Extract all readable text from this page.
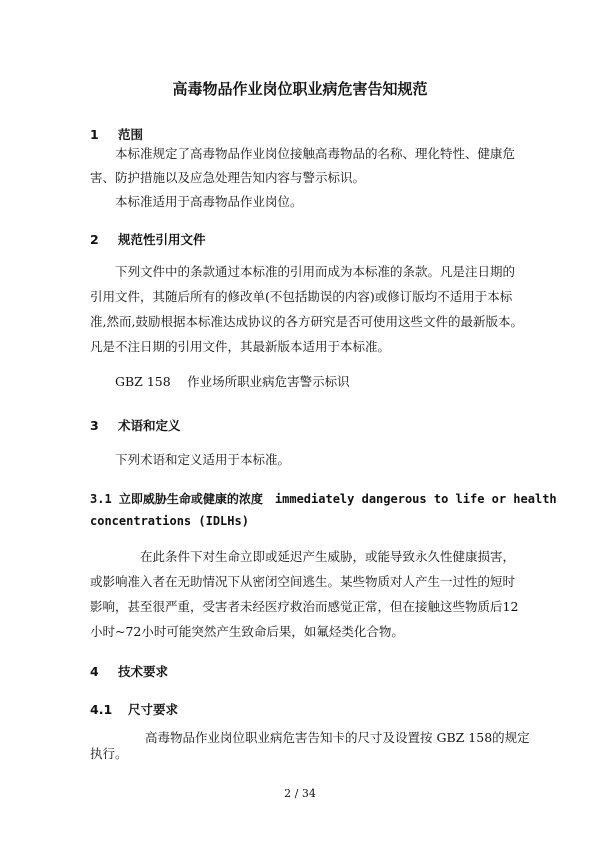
高毒物品作业岗位职业病危害告知规范
1 范围
本标准规定了高毒物品作业岗位接触高毒物品的名称、理化特性、健康危
害、防护措施以及应急处理告知内容与警示标识。
本标准适用于高毒物品作业岗位。
2 规范性引用文件
下列文件中的条款通过本标准的引用而成为本标准的条款。凡是注日期的
引用文件，其随后所有的修改单(不包括勘误的内容)或修订版均不适用于本标
准,然而,鼓励根据本标准达成协议的各方研究是否可使用这些文件的最新版本。
凡是不注日期的引用文件，其最新版本适用于本标准。
GBZ 158　 作业场所职业病危害警示标识
3 术语和定义
下列术语和定义适用于本标准。
3.1 立即威胁生命或健康的浓度　immediately dangerous to life or health
concentrations (IDLHs)
在此条件下对生命立即或延迟产生威胁，或能导致永久性健康损害，
或影响准入者在无助情况下从密闭空间逃生。某些物质对人产生一过性的短时
影响，甚至很严重，受害者未经医疗救治而感觉正常，但在接触这些物质后12
小时~72小时可能突然产生致命后果，如氟烃类化合物。
4 技术要求
4.1 尺寸要求
高毒物品作业岗位职业病危害告知卡的尺寸及设置按 GBZ 158的规定
执行。
2 / 34
